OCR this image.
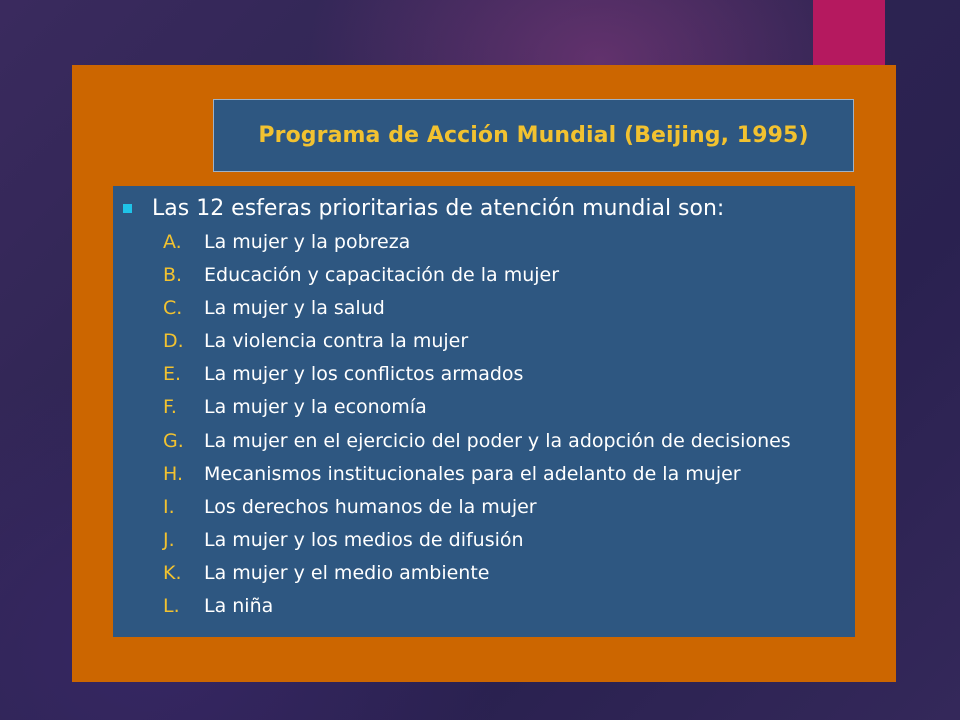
Programa de Acción Mundial (Beijing, 1995)
Las 12 esferas prioritarias de atención mundial son:
A.	La mujer y la pobreza
B.	Educación y capacitación de la mujer
C.	La mujer y la salud
D.	La violencia contra la mujer
E.	La mujer y los conflictos armados
F.	La mujer y la economía
G.	La mujer en el ejercicio del poder y la adopción de decisiones
H.	Mecanismos institucionales para el adelanto de la mujer
I.	Los derechos humanos de la mujer
J.	La mujer y los medios de difusión
K.	La mujer y el medio ambiente
L.	La niña
